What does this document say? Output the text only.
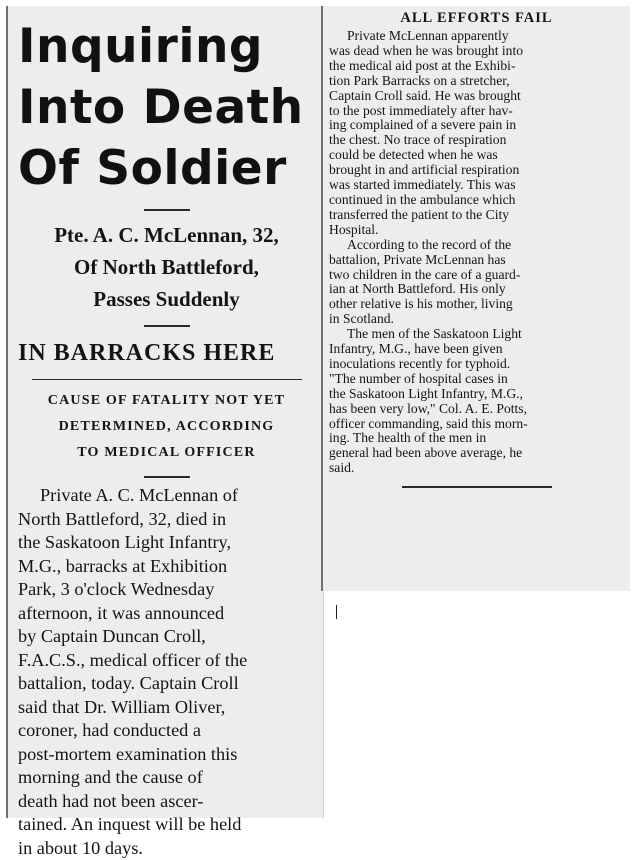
Inquiring
Into Death
Of Soldier
Pte. A. C. McLennan, 32,
Of North Battleford,
Passes Suddenly
IN BARRACKS HERE
CAUSE OF FATALITY NOT YET
DETERMINED, ACCORDING
TO MEDICAL OFFICER
Private A. C. McLennan of
North Battleford, 32, died in
the Saskatoon Light Infantry,
M.G., barracks at Exhibition
Park, 3 o'clock Wednesday
afternoon, it was announced
by Captain Duncan Croll,
F.A.C.S., medical officer of the
battalion, today. Captain Croll
said that Dr. William Oliver,
coroner, had conducted a
post-mortem examination this
morning and the cause of
death had not been ascer-
tained. An inquest will be held
in about 10 days.
ALL EFFORTS FAIL
Private McLennan apparently
was dead when he was brought into
the medical aid post at the Exhibi-
tion Park Barracks on a stretcher,
Captain Croll said. He was brought
to the post immediately after hav-
ing complained of a severe pain in
the chest. No trace of respiration
could be detected when he was
brought in and artificial respiration
was started immediately. This was
continued in the ambulance which
transferred the patient to the City
Hospital.
According to the record of the
battalion, Private McLennan has
two children in the care of a guard-
ian at North Battleford. His only
other relative is his mother, living
in Scotland.
The men of the Saskatoon Light
Infantry, M.G., have been given
inoculations recently for typhoid.
"The number of hospital cases in
the Saskatoon Light Infantry, M.G.,
has been very low," Col. A. E. Potts,
officer commanding, said this morn-
ing. The health of the men in
general had been above average, he
said.
